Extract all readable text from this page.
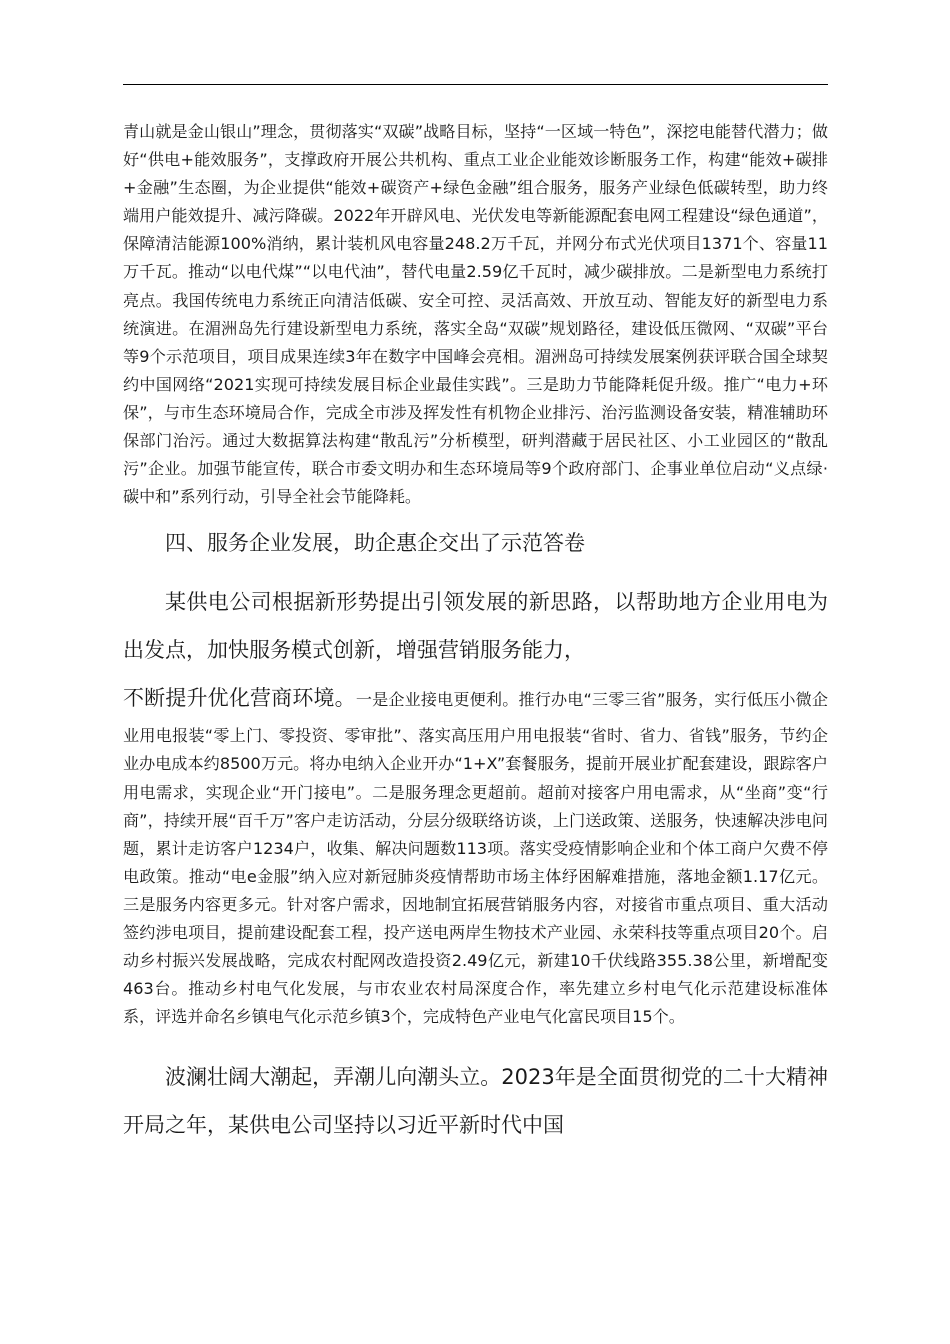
青山就是金山银山”理念，贯彻落实“双碳”战略目标，坚持“一区域一特色”，深挖电能替代潜力；做好“供电+能效服务”，支撑政府开展公共机构、重点工业企业能效诊断服务工作，构建“能效+碳排+金融”生态圈，为企业提供“能效+碳资产+绿色金融”组合服务，服务产业绿色低碳转型，助力终端用户能效提升、减污降碳。2022年开辟风电、光伏发电等新能源配套电网工程建设“绿色通道”，保障清洁能源100%消纳，累计装机风电容量248.2万千瓦，并网分布式光伏项目1371个、容量11万千瓦。推动“以电代煤”“以电代油”，替代电量2.59亿千瓦时，减少碳排放。二是新型电力系统打亮点。我国传统电力系统正向清洁低碳、安全可控、灵活高效、开放互动、智能友好的新型电力系统演进。在湄洲岛先行建设新型电力系统，落实全岛“双碳”规划路径，建设低压微网、“双碳”平台等9个示范项目，项目成果连续3年在数字中国峰会亮相。湄洲岛可持续发展案例获评联合国全球契约中国网络“2021实现可持续发展目标企业最佳实践”。三是助力节能降耗促升级。推广“电力+环保”，与市生态环境局合作，完成全市涉及挥发性有机物企业排污、治污监测设备安装，精准辅助环保部门治污。通过大数据算法构建“散乱污”分析模型，研判潜藏于居民社区、小工业园区的“散乱污”企业。加强节能宣传，联合市委文明办和生态环境局等9个政府部门、企事业单位启动“义点绿·碳中和”系列行动，引导全社会节能降耗。

四、服务企业发展，助企惠企交出了示范答卷

某供电公司根据新形势提出引领发展的新思路，以帮助地方企业用电为出发点，加快服务模式创新，增强营销服务能力，
不断提升优化营商环境。一是企业接电更便利。推行办电“三零三省”服务，实行低压小微企业用电报装“零上门、零投资、零审批”、落实高压用户用电报装“省时、省力、省钱”服务，节约企业办电成本约8500万元。将办电纳入企业开办“1+X”套餐服务，提前开展业扩配套建设，跟踪客户用电需求，实现企业“开门接电”。二是服务理念更超前。超前对接客户用电需求，从“坐商”变“行商”，持续开展“百千万”客户走访活动，分层分级联络访谈，上门送政策、送服务，快速解决涉电问题，累计走访客户1234户，收集、解决问题数113项。落实受疫情影响企业和个体工商户欠费不停电政策。推动“电e金服”纳入应对新冠肺炎疫情帮助市场主体纾困解难措施，落地金额1.17亿元。三是服务内容更多元。针对客户需求，因地制宜拓展营销服务内容，对接省市重点项目、重大活动签约涉电项目，提前建设配套工程，投产送电两岸生物技术产业园、永荣科技等重点项目20个。启动乡村振兴发展战略，完成农村配网改造投资2.49亿元，新建10千伏线路355.38公里，新增配变463台。推动乡村电气化发展，与市农业农村局深度合作，率先建立乡村电气化示范建设标准体系，评选并命名乡镇电气化示范乡镇3个，完成特色产业电气化富民项目15个。

波澜壮阔大潮起，弄潮儿向潮头立。2023年是全面贯彻党的二十大精神开局之年，某供电公司坚持以习近平新时代中国
